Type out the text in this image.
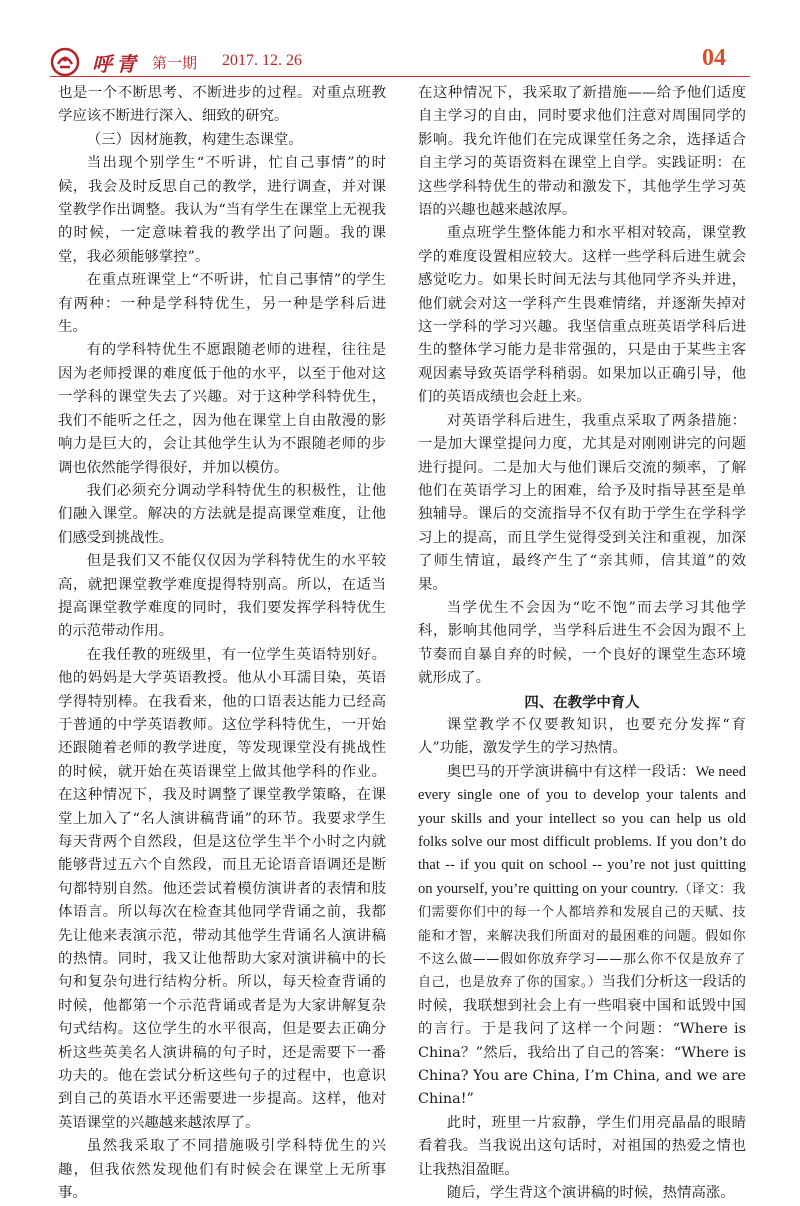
呼青 第一期 2017. 12. 26	04

也是一个不断思考、不断进步的过程。对重点班教学应该不断进行深入、细致的研究。

（三）因材施教，构建生态课堂。

当出现个别学生“不听讲，忙自己事情”的时候，我会及时反思自己的教学，进行调查，并对课堂教学作出调整。我认为“当有学生在课堂上无视我的时候，一定意味着我的教学出了问题。我的课堂，我必须能够掌控”。

在重点班课堂上“不听讲，忙自己事情”的学生有两种：一种是学科特优生，另一种是学科后进生。

有的学科特优生不愿跟随老师的进程，往往是因为老师授课的难度低于他的水平，以至于他对这一学科的课堂失去了兴趣。对于这种学科特优生，我们不能听之任之，因为他在课堂上自由散漫的影响力是巨大的，会让其他学生认为不跟随老师的步调也依然能学得很好，并加以模仿。

我们必须充分调动学科特优生的积极性，让他们融入课堂。解决的方法就是提高课堂难度，让他们感受到挑战性。

但是我们又不能仅仅因为学科特优生的水平较高，就把课堂教学难度提得特别高。所以，在适当提高课堂教学难度的同时，我们要发挥学科特优生的示范带动作用。

在我任教的班级里，有一位学生英语特别好。他的妈妈是大学英语教授。他从小耳濡目染，英语学得特别棒。在我看来，他的口语表达能力已经高于普通的中学英语教师。这位学科特优生，一开始还跟随着老师的教学进度，等发现课堂没有挑战性的时候，就开始在英语课堂上做其他学科的作业。在这种情况下，我及时调整了课堂教学策略，在课堂上加入了“名人演讲稿背诵”的环节。我要求学生每天背两个自然段，但是这位学生半个小时之内就能够背过五六个自然段，而且无论语音语调还是断句都特别自然。他还尝试着模仿演讲者的表情和肢体语言。所以每次在检查其他同学背诵之前，我都先让他来表演示范，带动其他学生背诵名人演讲稿的热情。同时，我又让他帮助大家对演讲稿中的长句和复杂句进行结构分析。所以，每天检查背诵的时候，他都第一个示范背诵或者是为大家讲解复杂句式结构。这位学生的水平很高，但是要去正确分析这些英美名人演讲稿的句子时，还是需要下一番功夫的。他在尝试分析这些句子的过程中，也意识到自己的英语水平还需要进一步提高。这样，他对英语课堂的兴趣越来越浓厚了。

虽然我采取了不同措施吸引学科特优生的兴趣，但我依然发现他们有时候会在课堂上无所事事。

在这种情况下，我采取了新措施——给予他们适度自主学习的自由，同时要求他们注意对周围同学的影响。我允许他们在完成课堂任务之余，选择适合自主学习的英语资料在课堂上自学。实践证明：在这些学科特优生的带动和激发下，其他学生学习英语的兴趣也越来越浓厚。

重点班学生整体能力和水平相对较高，课堂教学的难度设置相应较大。这样一些学科后进生就会感觉吃力。如果长时间无法与其他同学齐头并进，他们就会对这一学科产生畏难情绪，并逐渐失掉对这一学科的学习兴趣。我坚信重点班英语学科后进生的整体学习能力是非常强的，只是由于某些主客观因素导致英语学科稍弱。如果加以正确引导，他们的英语成绩也会赶上来。

对英语学科后进生，我重点采取了两条措施：一是加大课堂提问力度，尤其是对刚刚讲完的问题进行提问。二是加大与他们课后交流的频率，了解他们在英语学习上的困难，给予及时指导甚至是单独辅导。课后的交流指导不仅有助于学生在学科学习上的提高，而且学生觉得受到关注和重视，加深了师生情谊，最终产生了“亲其师，信其道”的效果。

当学优生不会因为“吃不饱”而去学习其他学科，影响其他同学，当学科后进生不会因为跟不上节奏而自暴自弃的时候，一个良好的课堂生态环境就形成了。

四、在教学中育人

课堂教学不仅要教知识，也要充分发挥“育人”功能，激发学生的学习热情。

奥巴马的开学演讲稿中有这样一段话：We need every single one of you to develop your talents and your skills and your intellect so you can help us old folks solve our most difficult problems. If you don’t do that -- if you quit on school -- you’re not just quitting on yourself, you’re quitting on your country.（译文：我们需要你们中的每一个人都培养和发展自己的天赋、技能和才智，来解决我们所面对的最困难的问题。假如你不这么做——假如你放弃学习——那么你不仅是放弃了自己，也是放弃了你的国家。）当我们分析这一段话的时候，我联想到社会上有一些唱衰中国和诋毁中国的言行。于是我问了这样一个问题：“Where is China？”然后，我给出了自己的答案：“Where is China? You are China, I’m China, and we are China!”

此时，班里一片寂静，学生们用亮晶晶的眼睛看着我。当我说出这句话时，对祖国的热爱之情也让我热泪盈眶。

随后，学生背这个演讲稿的时候，热情高涨。
